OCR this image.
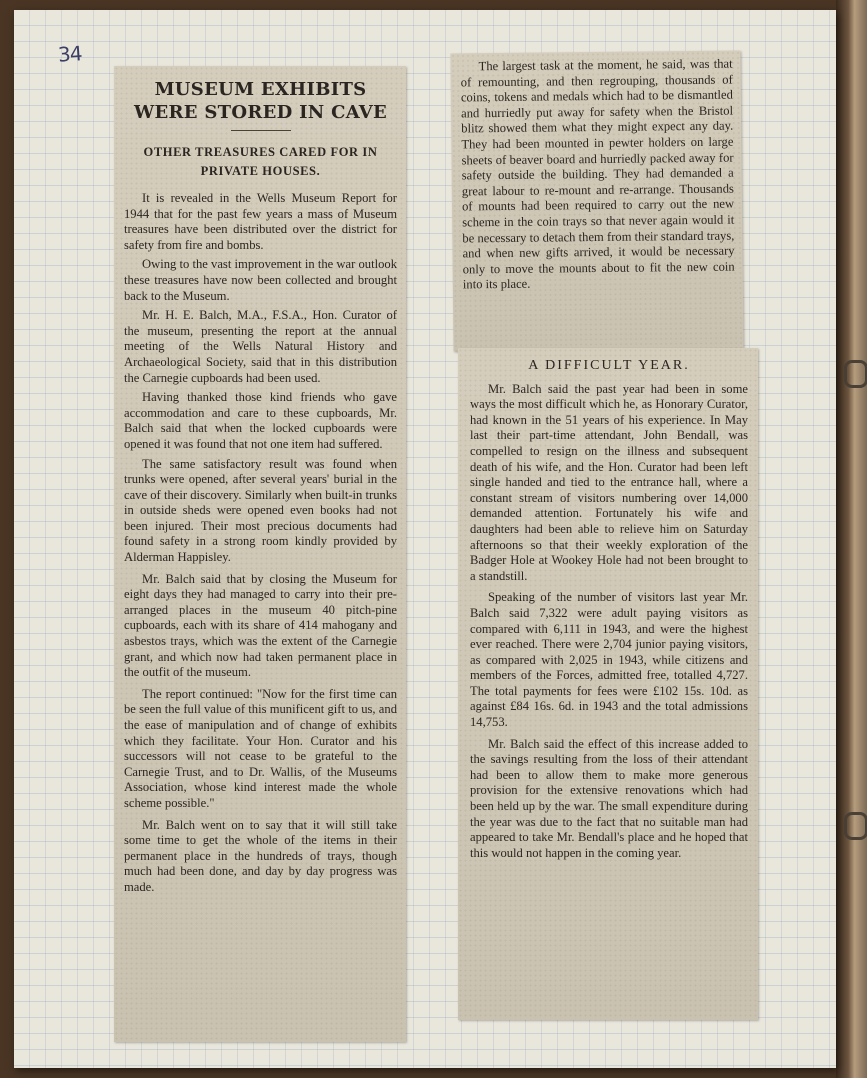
34
MUSEUM EXHIBITS WERE STORED IN CAVE
OTHER TREASURES CARED FOR IN PRIVATE HOUSES.

It is revealed in the Wells Museum Report for 1944 that for the past few years a mass of Museum treasures have been distributed over the district for safety from fire and bombs.

Owing to the vast improvement in the war outlook these treasures have now been collected and brought back to the Museum.

Mr. H. E. Balch, M.A., F.S.A., Hon. Curator of the museum, presenting the report at the annual meeting of the Wells Natural History and Archaeological Society, said that in this distribution the Carnegie cupboards had been used.

Having thanked those kind friends who gave accommodation and care to these cupboards, Mr. Balch said that when the locked cupboards were opened it was found that not one item had suffered.

The same satisfactory result was found when trunks were opened, after several years' burial in the cave of their discovery. Similarly when built-in trunks in outside sheds were opened even books had not been injured. Their most precious documents had found safety in a strong room kindly provided by Alderman Happisley.

Mr. Balch said that by closing the Museum for eight days they had managed to carry into their pre-arranged places in the museum 40 pitch-pine cupboards, each with its share of 414 mahogany and asbestos trays, which was the extent of the Carnegie grant, and which now had taken permanent place in the outfit of the museum.

The report continued: "Now for the first time can be seen the full value of this munificent gift to us, and the ease of manipulation and of change of exhibits which they facilitate. Your Hon. Curator and his successors will not cease to be grateful to the Carnegie Trust, and to Dr. Wallis, of the Museums Association, whose kind interest made the whole scheme possible."

Mr. Balch went on to say that it will still take some time to get the whole of the items in their permanent place in the hundreds of trays, though much had been done, and day by day progress was made.

The largest task at the moment, he said, was that of remounting, and then regrouping, thousands of coins, tokens and medals which had to be dismantled and hurriedly put away for safety when the Bristol blitz showed them what they might expect any day. They had been mounted in pewter holders on large sheets of beaver board and hurriedly packed away for safety outside the building. They had demanded a great labour to re-mount and re-arrange. Thousands of mounts had been required to carry out the new scheme in the coin trays so that never again would it be necessary to detach them from their standard trays, and when new gifts arrived, it would be necessary only to move the mounts about to fit the new coin into its place.

A DIFFICULT YEAR.

Mr. Balch said the past year had been in some ways the most difficult which he, as Honorary Curator, had known in the 51 years of his experience. In May last their part-time attendant, John Bendall, was compelled to resign on the illness and subsequent death of his wife, and the Hon. Curator had been left single handed and tied to the entrance hall, where a constant stream of visitors numbering over 14,000 demanded attention. Fortunately his wife and daughters had been able to relieve him on Saturday afternoons so that their weekly exploration of the Badger Hole at Wookey Hole had not been brought to a standstill.

Speaking of the number of visitors last year Mr. Balch said 7,322 were adult paying visitors as compared with 6,111 in 1943, and were the highest ever reached. There were 2,704 junior paying visitors, as compared with 2,025 in 1943, while citizens and members of the Forces, admitted free, totalled 4,727. The total payments for fees were £102 15s. 10d. as against £84 16s. 6d. in 1943 and the total admissions 14,753.

Mr. Balch said the effect of this increase added to the savings resulting from the loss of their attendant had been to allow them to make more generous provision for the extensive renovations which had been held up by the war. The small expenditure during the year was due to the fact that no suitable man had appeared to take Mr. Bendall's place and he hoped that this would not happen in the coming year.
